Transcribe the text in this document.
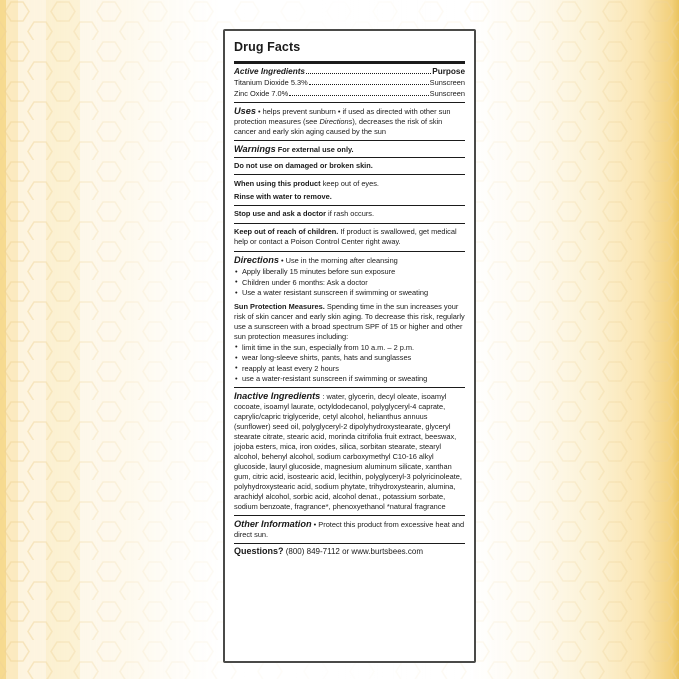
Drug Facts
Active Ingredients	Purpose
Titanium Dioxide 5.3%	Sunscreen
Zinc Oxide 7.0%	Sunscreen
Uses • helps prevent sunburn • if used as directed with other sun protection measures (see Directions), decreases the risk of skin cancer and early skin aging caused by the sun
Warnings For external use only.
Do not use on damaged or broken skin.
When using this product keep out of eyes.
Rinse with water to remove.
Stop use and ask a doctor if rash occurs.
Keep out of reach of children. If product is swallowed, get medical help or contact a Poison Control Center right away.
Directions • Use in the morning after cleansing
• Apply liberally 15 minutes before sun exposure
• Children under 6 months: Ask a doctor
• Use a water resistant sunscreen if swimming or sweating
Sun Protection Measures. Spending time in the sun increases your risk of skin cancer and early skin aging. To decrease this risk, regularly use a sunscreen with a broad spectrum SPF of 15 or higher and other sun protection measures including:
• limit time in the sun, especially from 10 a.m. – 2 p.m.
• wear long-sleeve shirts, pants, hats and sunglasses
• reapply at least every 2 hours
• use a water-resistant sunscreen if swimming or sweating
Inactive Ingredients : water, glycerin, decyl oleate, isoamyl cocoate, isoamyl laurate, octyldodecanol, polyglyceryl-4 caprate, caprylic/capric triglyceride, cetyl alcohol, helianthus annuus (sunflower) seed oil, polyglyceryl-2 dipolyhydroxystearate, glyceryl stearate citrate, stearic acid, morinda citrifolia fruit extract, beeswax, jojoba esters, mica, iron oxides, silica, sorbitan stearate, stearyl alcohol, behenyl alcohol, sodium carboxymethyl C10-16 alkyl glucoside, lauryl glucoside, magnesium aluminum silicate, xanthan gum, citric acid, isostearic acid, lecithin, polyglyceryl-3 polyricinoleate, polyhydroxystearic acid, sodium phytate, trihydroxystearin, alumina, arachidyl alcohol, sorbic acid, alcohol denat., potassium sorbate, sodium benzoate, fragrance*, phenoxyethanol *natural fragrance
Other Information • Protect this product from excessive heat and direct sun.
Questions? (800) 849-7112 or www.burtsbees.com
